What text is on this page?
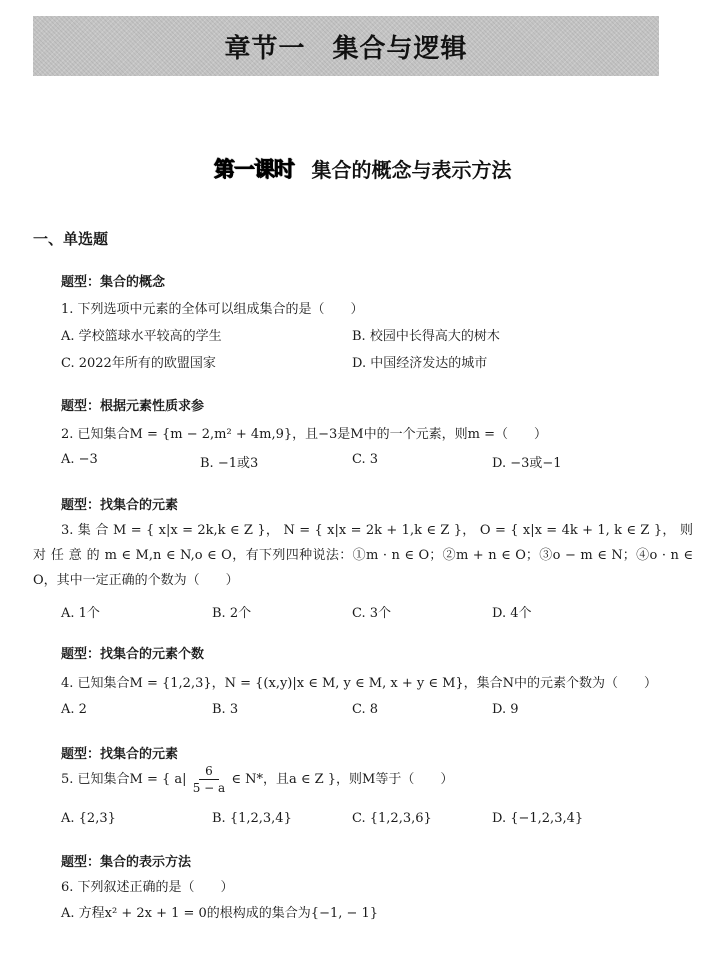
章节一　集合与逻辑
第一课时 集合的概念与表示方法
一、单选题
题型：集合的概念
1. 下列选项中元素的全体可以组成集合的是（　　）
A. 学校篮球水平较高的学生	B. 校园中长得高大的树木
C. 2022年所有的欧盟国家	D. 中国经济发达的城市
题型：根据元素性质求参
2. 已知集合M = {m − 2,m² + 4m,9}，且−3是M中的一个元素，则m =（　　）
A. −3	B. −1或3	C. 3	D. −3或−1
题型：找集合的元素
3. 集 合 M = { x|x = 2k,k ∈ Z }， N = { x|x = 2k + 1,k ∈ Z }， O = { x|x = 4k + 1, k ∈ Z }， 则 对 任 意 的 m ∈ M,n ∈ N,o ∈ O，有下列四种说法：①m · n ∈ O；②m + n ∈ O；③o − m ∈ N；④o · n ∈ O，其中一定正确的个数为（　　）
A. 1个	B. 2个	C. 3个	D. 4个
题型：找集合的元素个数
4. 已知集合M = {1,2,3}，N = {(x,y)|x ∈ M, y ∈ M, x + y ∈ M}，集合N中的元素个数为（　　）
A. 2	B. 3	C. 8	D. 9
题型：找集合的元素
5. 已知集合M = { $a| \frac{6}{5 - a}$ ∈ N*，且a ∈ Z }，则M等于（　　）
A. {2,3}	B. {1,2,3,4}	C. {1,2,3,6}	D. {−1,2,3,4}
题型：集合的表示方法
6. 下列叙述正确的是（　　）
A. 方程x² + 2x + 1 = 0的根构成的集合为{−1, − 1}
